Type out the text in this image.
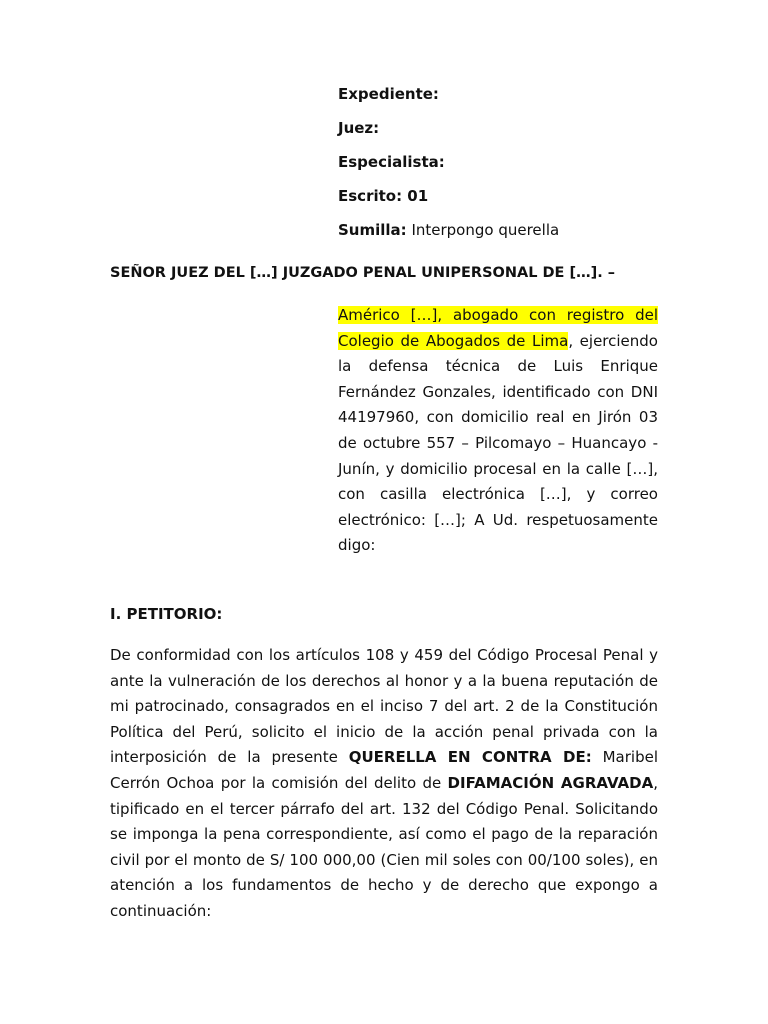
Expediente:
Juez:
Especialista:
Escrito: 01
Sumilla: Interpongo querella
SEÑOR JUEZ DEL […] JUZGADO PENAL UNIPERSONAL DE […]. –

Américo […], abogado con registro del Colegio de Abogados de Lima, ejerciendo la defensa técnica de Luis Enrique Fernández Gonzales, identificado con DNI 44197960, con domicilio real en Jirón 03 de octubre 557 – Pilcomayo – Huancayo - Junín, y domicilio procesal en la calle […], con casilla electrónica […], y correo electrónico: […]; A Ud. respetuosamente digo:

I. PETITORIO:

De conformidad con los artículos 108 y 459 del Código Procesal Penal y ante la vulneración de los derechos al honor y a la buena reputación de mi patrocinado, consagrados en el inciso 7 del art. 2 de la Constitución Política del Perú, solicito el inicio de la acción penal privada con la interposición de la presente QUERELLA EN CONTRA DE: Maribel Cerrón Ochoa por la comisión del delito de DIFAMACIÓN AGRAVADA, tipificado en el tercer párrafo del art. 132 del Código Penal. Solicitando se imponga la pena correspondiente, así como el pago de la reparación civil por el monto de S/ 100 000,00 (Cien mil soles con 00/100 soles), en atención a los fundamentos de hecho y de derecho que expongo a continuación:
